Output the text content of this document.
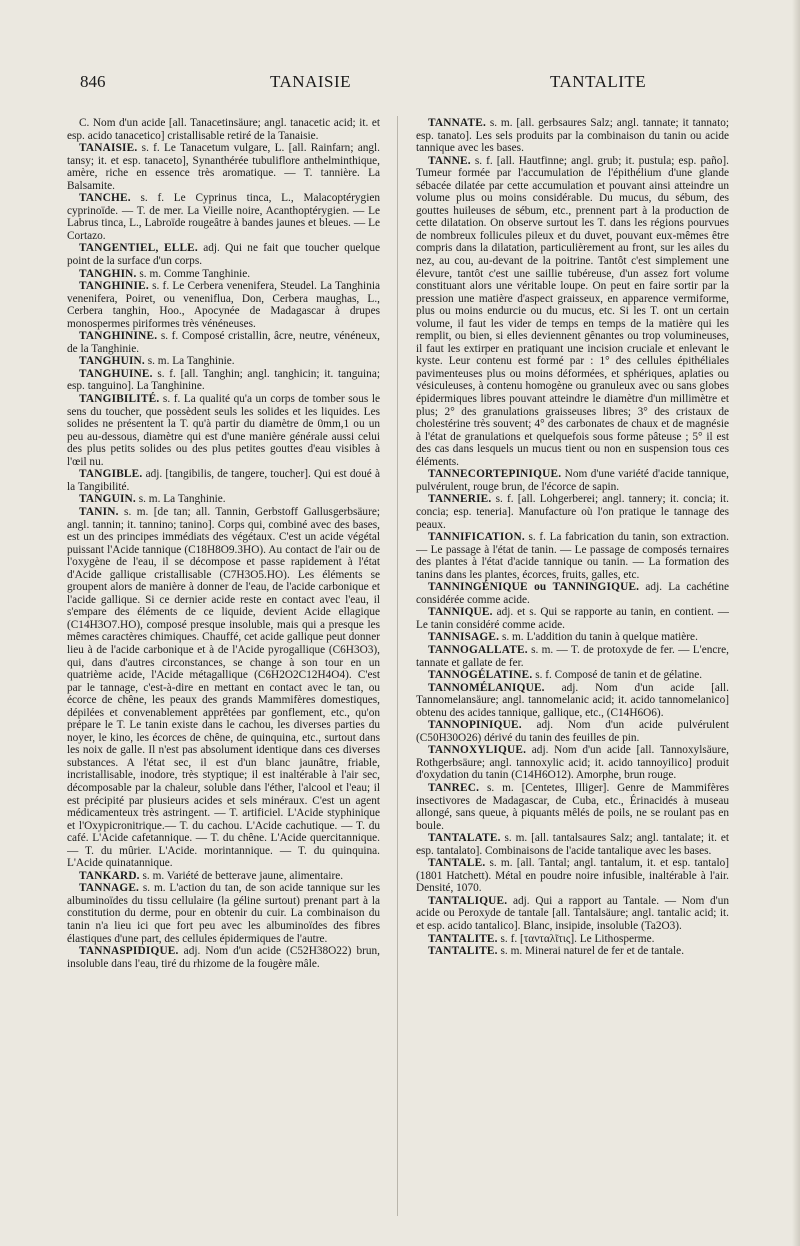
846	TANAISIE	TANTALITE

C. Nom d'un acide [all. Tanacetinsäure; angl. tanacetic acid; it. et esp. acido tanacetico] cristallisable retiré de la Tanaisie.

TANAISIE. s. f. Le Tanacetum vulgare, L. [all. Rainfarn; angl. tansy; it. et esp. tanaceto], Synanthérée tubuliflore anthelminthique, amère, riche en essence très aromatique. — T. tannière. La Balsamite.

TANCHE. s. f. Le Cyprinus tinca, L., Malacoptérygien cyprinoïde. — T. de mer. La Vieille noire, Acanthoptérygien. — Le Labrus tinca, L., Labroïde rougeâtre à bandes jaunes et bleues. — Le Cortazo.

TANGENTIEL, ELLE. adj. Qui ne fait que toucher quelque point de la surface d'un corps.

TANGHIN. s. m. Comme Tanghinie.

TANGHINIE. s. f. Le Cerbera venenifera, Steudel. La Tanghinia venenifera, Poiret, ou veneniflua, Don, Cerbera maughas, L., Cerbera tanghin, Hoo., Apocynée de Madagascar à drupes monospermes piriformes très vénéneuses.

TANGHININE. s. f. Composé cristallin, âcre, neutre, vénéneux, de la Tanghinie.

TANGHUIN. s. m. La Tanghinie.

TANGHUINE. s. f. [all. Tanghin; angl. tanghicin; it. tanguina; esp. tanguino]. La Tanghinine.

TANGIBILITÉ. s. f. La qualité qu'a un corps de tomber sous le sens du toucher, que possèdent seuls les solides et les liquides. Les solides ne présentent la T. qu'à partir du diamètre de 0mm,1 ou un peu au-dessous, diamètre qui est d'une manière générale aussi celui des plus petits solides ou des plus petites gouttes d'eau visibles à l'œil nu.

TANGIBLE. adj. [tangibilis, de tangere, toucher]. Qui est doué à la Tangibilité.

TANGUIN. s. m. La Tanghinie.

TANIN. s. m. [de tan; all. Tannin, Gerbstoff Gallusgerbsäure; angl. tannin; it. tannino; tanino]. Corps qui, combiné avec des bases, est un des principes immédiats des végétaux. C'est un acide végétal puissant l'Acide tannique (C18H8O9.3HO). Au contact de l'air ou de l'oxygène de l'eau, il se décompose et passe rapidement à l'état d'Acide gallique cristallisable (C7H3O5.HO). Les éléments se groupent alors de manière à donner de l'eau, de l'acide carbonique et l'acide gallique. Si ce dernier acide reste en contact avec l'eau, il s'empare des éléments de ce liquide, devient Acide ellagique (C14H3O7.HO), composé presque insoluble, mais qui a presque les mêmes caractères chimiques. Chauffé, cet acide gallique peut donner lieu à de l'acide carbonique et à de l'Acide pyrogallique (C6H3O3), qui, dans d'autres circonstances, se change à son tour en un quatrième acide, l'Acide métagallique (C6H2O2C12H4O4). C'est par le tannage, c'est-à-dire en mettant en contact avec le tan, ou écorce de chêne, les peaux des grands Mammifères domestiques, dépilées et convenablement apprêtées par gonflement, etc., qu'on prépare le T. Le tanin existe dans le cachou, les diverses parties du noyer, le kino, les écorces de chêne, de quinquina, etc., surtout dans les noix de galle. Il n'est pas absolument identique dans ces diverses substances. A l'état sec, il est d'un blanc jaunâtre, friable, incristallisable, inodore, très styptique; il est inaltérable à l'air sec, décomposable par la chaleur, soluble dans l'éther, l'alcool et l'eau; il est précipité par plusieurs acides et sels minéraux. C'est un agent médicamenteux très astringent. — T. artificiel. L'Acide styphinique et l'Oxypicronitrique.— T. du cachou. L'Acide cachutique. — T. du café. L'Acide cafetannique. — T. du chêne. L'Acide quercitannique. — T. du mûrier. L'Acide. morintannique. — T. du quinquina. L'Acide quinatannique.

TANKARD. s. m. Variété de betterave jaune, alimentaire.

TANNAGE. s. m. L'action du tan, de son acide tannique sur les albuminoïdes du tissu cellulaire (la géline surtout) prenant part à la constitution du derme, pour en obtenir du cuir. La combinaison du tanin n'a lieu ici que fort peu avec les albuminoïdes des fibres élastiques d'une part, des cellules épidermiques de l'autre.

TANNASPIDIQUE. adj. Nom d'un acide (C52H38O22) brun, insoluble dans l'eau, tiré du rhizome de la fougère mâle.

TANNATE. s. m. [all. gerbsaures Salz; angl. tannate; it tannato; esp. tanato]. Les sels produits par la combinaison du tanin ou acide tannique avec les bases.

TANNE. s. f. [all. Hautfinne; angl. grub; it. pustula; esp. paño]. Tumeur formée par l'accumulation de l'épithélium d'une glande sébacée dilatée par cette accumulation et pouvant ainsi atteindre un volume plus ou moins considérable. Du mucus, du sébum, des gouttes huileuses de sébum, etc., prennent part à la production de cette dilatation. On observe surtout les T. dans les régions pourvues de nombreux follicules pileux et du duvet, pouvant eux-mêmes être compris dans la dilatation, particulièrement au front, sur les ailes du nez, au cou, au-devant de la poitrine. Tantôt c'est simplement une élevure, tantôt c'est une saillie tubéreuse, d'un assez fort volume constituant alors une véritable loupe. On peut en faire sortir par la pression une matière d'aspect graisseux, en apparence vermiforme, plus ou moins endurcie ou du mucus, etc. Si les T. ont un certain volume, il faut les vider de temps en temps de la matière qui les remplit, ou bien, si elles deviennent gênantes ou trop volumineuses, il faut les extirper en pratiquant une incision cruciale et enlevant le kyste. Leur contenu est formé par : 1° des cellules épithéliales pavimenteuses plus ou moins déformées, et sphériques, aplaties ou vésiculeuses, à contenu homogène ou granuleux avec ou sans globes épidermiques libres pouvant atteindre le diamètre d'un millimètre et plus; 2° des granulations graisseuses libres; 3° des cristaux de cholestérine très souvent; 4° des carbonates de chaux et de magnésie à l'état de granulations et quelquefois sous forme pâteuse ; 5° il est des cas dans lesquels un mucus tient ou non en suspension tous ces éléments.

TANNECORTEPINIQUE. Nom d'une variété d'acide tannique, pulvérulent, rouge brun, de l'écorce de sapin.

TANNERIE. s. f. [all. Lohgerberei; angl. tannery; it. concia; it. concia; esp. teneria]. Manufacture où l'on pratique le tannage des peaux.

TANNIFICATION. s. f. La fabrication du tanin, son extraction. — Le passage à l'état de tanin. — Le passage de composés ternaires des plantes à l'état d'acide tannique ou tanin. — La formation des tanins dans les plantes, écorces, fruits, galles, etc.

TANNINGÉNIQUE ou TANNINGIQUE. adj. La cachétine considérée comme acide.

TANNIQUE. adj. et s. Qui se rapporte au tanin, en contient. — Le tanin considéré comme acide.

TANNISAGE. s. m. L'addition du tanin à quelque matière.

TANNOGALLATE. s. m. — T. de protoxyde de fer. — L'encre, tannate et gallate de fer.

TANNOGÉLATINE. s. f. Composé de tanin et de gélatine.

TANNOMÉLANIQUE. adj. Nom d'un acide [all. Tannomelansäure; angl. tannomelanic acid; it. acido tannomelanico] obtenu des acides tannique, gallique, etc., (C14H6O6).

TANNOPINIQUE. adj. Nom d'un acide pulvérulent (C50H30O26) dérivé du tanin des feuilles de pin.

TANNOXYLIQUE. adj. Nom d'un acide [all. Tannoxylsäure, Rothgerbsäure; angl. tannoxylic acid; it. acido tannoyilico] produit d'oxydation du tanin (C14H6O12). Amorphe, brun rouge.

TANREC. s. m. [Centetes, Illiger]. Genre de Mammifères insectivores de Madagascar, de Cuba, etc., Érinacidés à museau allongé, sans queue, à piquants mêlés de poils, ne se roulant pas en boule.

TANTALATE. s. m. [all. tantalsaures Salz; angl. tantalate; it. et esp. tantalato]. Combinaisons de l'acide tantalique avec les bases.

TANTALE. s. m. [all. Tantal; angl. tantalum, it. et esp. tantalo] (1801 Hatchett). Métal en poudre noire infusible, inaltérable à l'air. Densité, 1070.

TANTALIQUE. adj. Qui a rapport au Tantale. — Nom d'un acide ou Peroxyde de tantale [all. Tantalsäure; angl. tantalic acid; it. et esp. acido tantalico]. Blanc, insipide, insoluble (Ta2O3).

TANTALITE. s. f. [τανταλῖτις]. Le Lithosperme.

TANTALITE. s. m. Minerai naturel de fer et de tantale.
